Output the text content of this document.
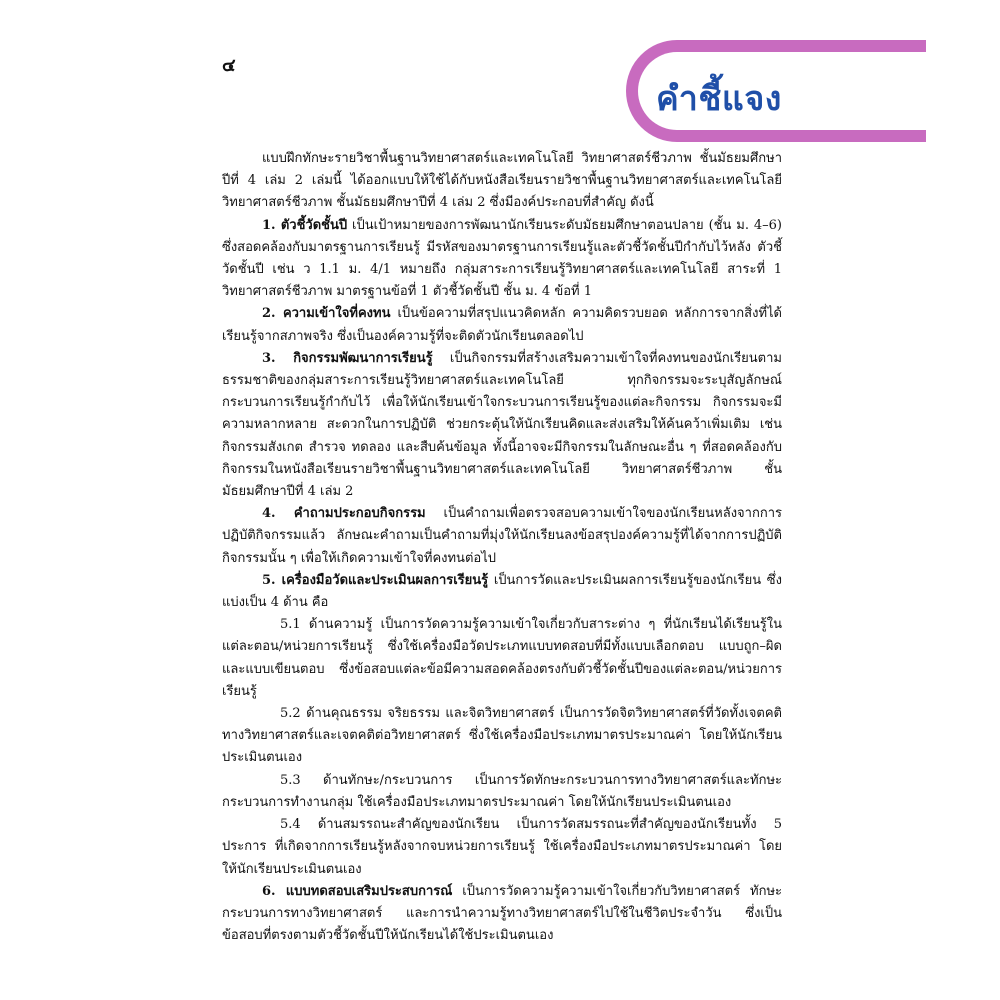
๔
คำชี้แจง

แบบฝึกทักษะรายวิชาพื้นฐานวิทยาศาสตร์และเทคโนโลยี วิทยาศาสตร์ชีวภาพ ชั้นมัธยมศึกษาปีที่ 4 เล่ม 2 เล่มนี้ ได้ออกแบบให้ใช้ได้กับหนังสือเรียนรายวิชาพื้นฐานวิทยาศาสตร์และเทคโนโลยี วิทยาศาสตร์ชีวภาพ ชั้นมัธยมศึกษาปีที่ 4 เล่ม 2 ซึ่งมีองค์ประกอบที่สำคัญ ดังนี้

1. ตัวชี้วัดชั้นปี เป็นเป้าหมายของการพัฒนานักเรียนระดับมัธยมศึกษาตอนปลาย (ชั้น ม. 4–6) ซึ่งสอดคล้องกับมาตรฐานการเรียนรู้ มีรหัสของมาตรฐานการเรียนรู้และตัวชี้วัดชั้นปีกำกับไว้หลัง ตัวชี้วัดชั้นปี เช่น ว 1.1 ม. 4/1 หมายถึง กลุ่มสาระการเรียนรู้วิทยาศาสตร์และเทคโนโลยี สาระที่ 1 วิทยาศาสตร์ชีวภาพ มาตรฐานข้อที่ 1 ตัวชี้วัดชั้นปี ชั้น ม. 4 ข้อที่ 1

2. ความเข้าใจที่คงทน เป็นข้อความที่สรุปแนวคิดหลัก ความคิดรวบยอด หลักการจากสิ่งที่ได้เรียนรู้จากสภาพจริง ซึ่งเป็นองค์ความรู้ที่จะติดตัวนักเรียนตลอดไป

3. กิจกรรมพัฒนาการเรียนรู้ เป็นกิจกรรมที่สร้างเสริมความเข้าใจที่คงทนของนักเรียนตามธรรมชาติของกลุ่มสาระการเรียนรู้วิทยาศาสตร์และเทคโนโลยี ทุกกิจกรรมจะระบุสัญลักษณ์กระบวนการเรียนรู้กำกับไว้ เพื่อให้นักเรียนเข้าใจกระบวนการเรียนรู้ของแต่ละกิจกรรม กิจกรรมจะมีความหลากหลาย สะดวกในการปฏิบัติ ช่วยกระตุ้นให้นักเรียนคิดและส่งเสริมให้ค้นคว้าเพิ่มเติม เช่น กิจกรรมสังเกต สำรวจ ทดลอง และสืบค้นข้อมูล ทั้งนี้อาจจะมีกิจกรรมในลักษณะอื่น ๆ ที่สอดคล้องกับกิจกรรมในหนังสือเรียนรายวิชาพื้นฐานวิทยาศาสตร์และเทคโนโลยี วิทยาศาสตร์ชีวภาพ ชั้นมัธยมศึกษาปีที่ 4 เล่ม 2

4. คำถามประกอบกิจกรรม เป็นคำถามเพื่อตรวจสอบความเข้าใจของนักเรียนหลังจากการปฏิบัติกิจกรรมแล้ว ลักษณะคำถามเป็นคำถามที่มุ่งให้นักเรียนลงข้อสรุปองค์ความรู้ที่ได้จากการปฏิบัติกิจกรรมนั้น ๆ เพื่อให้เกิดความเข้าใจที่คงทนต่อไป

5. เครื่องมือวัดและประเมินผลการเรียนรู้ เป็นการวัดและประเมินผลการเรียนรู้ของนักเรียน ซึ่งแบ่งเป็น 4 ด้าน คือ

5.1 ด้านความรู้ เป็นการวัดความรู้ความเข้าใจเกี่ยวกับสาระต่าง ๆ ที่นักเรียนได้เรียนรู้ในแต่ละตอน/หน่วยการเรียนรู้ ซึ่งใช้เครื่องมือวัดประเภทแบบทดสอบที่มีทั้งแบบเลือกตอบ แบบถูก–ผิด และแบบเขียนตอบ ซึ่งข้อสอบแต่ละข้อมีความสอดคล้องตรงกับตัวชี้วัดชั้นปีของแต่ละตอน/หน่วยการเรียนรู้

5.2 ด้านคุณธรรม จริยธรรม และจิตวิทยาศาสตร์ เป็นการวัดจิตวิทยาศาสตร์ที่วัดทั้งเจตคติทางวิทยาศาสตร์และเจตคติต่อวิทยาศาสตร์ ซึ่งใช้เครื่องมือประเภทมาตรประมาณค่า โดยให้นักเรียนประเมินตนเอง

5.3 ด้านทักษะ/กระบวนการ เป็นการวัดทักษะกระบวนการทางวิทยาศาสตร์และทักษะกระบวนการทำงานกลุ่ม ใช้เครื่องมือประเภทมาตรประมาณค่า โดยให้นักเรียนประเมินตนเอง

5.4 ด้านสมรรถนะสำคัญของนักเรียน เป็นการวัดสมรรถนะที่สำคัญของนักเรียนทั้ง 5 ประการ ที่เกิดจากการเรียนรู้หลังจากจบหน่วยการเรียนรู้ ใช้เครื่องมือประเภทมาตรประมาณค่า โดยให้นักเรียนประเมินตนเอง

6. แบบทดสอบเสริมประสบการณ์ เป็นการวัดความรู้ความเข้าใจเกี่ยวกับวิทยาศาสตร์ ทักษะกระบวนการทางวิทยาศาสตร์ และการนำความรู้ทางวิทยาศาสตร์ไปใช้ในชีวิตประจำวัน ซึ่งเป็นข้อสอบที่ตรงตามตัวชี้วัดชั้นปีให้นักเรียนได้ใช้ประเมินตนเอง
